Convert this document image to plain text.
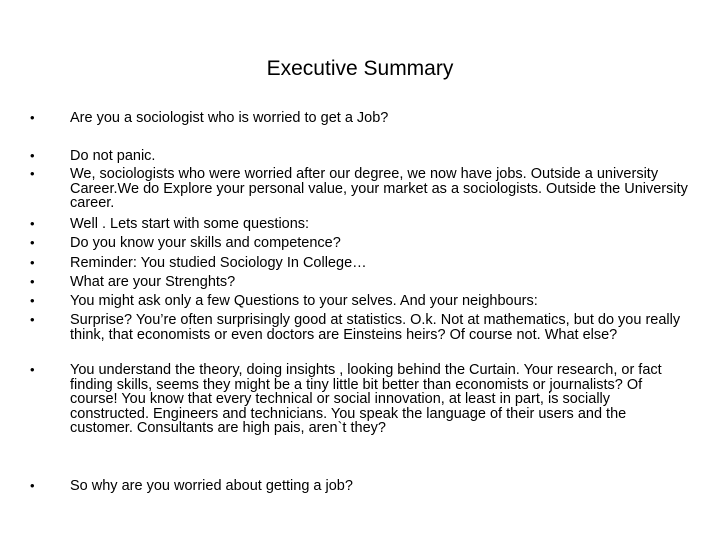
Executive Summary
• Are you a sociologist who is worried to get a Job?
• Do not panic.
• We, sociologists who were worried after our degree, we now have jobs. Outside a university Career.We do Explore your personal value, your market as a sociologists. Outside the University career.
• Well . Lets start with some questions:
• Do you know your skills and competence?
• Reminder: You studied Sociology In College…
• What are your Strenghts?
• You might ask only a few Questions to your selves. And your neighbours:
• Surprise? You’re often surprisingly good at statistics. O.k. Not at mathematics, but do you really think, that economists or even doctors are Einsteins heirs? Of course not. What else?
• You understand the theory, doing insights , looking behind the Curtain. Your research, or fact finding skills, seems they might be a tiny little bit better than economists or journalists? Of course! You know that every technical or social innovation, at least in part, is socially constructed. Engineers and technicians. You speak the language of their users and the customer. Consultants are high pais, aren`t they?
• So why are you worried about getting a job?
